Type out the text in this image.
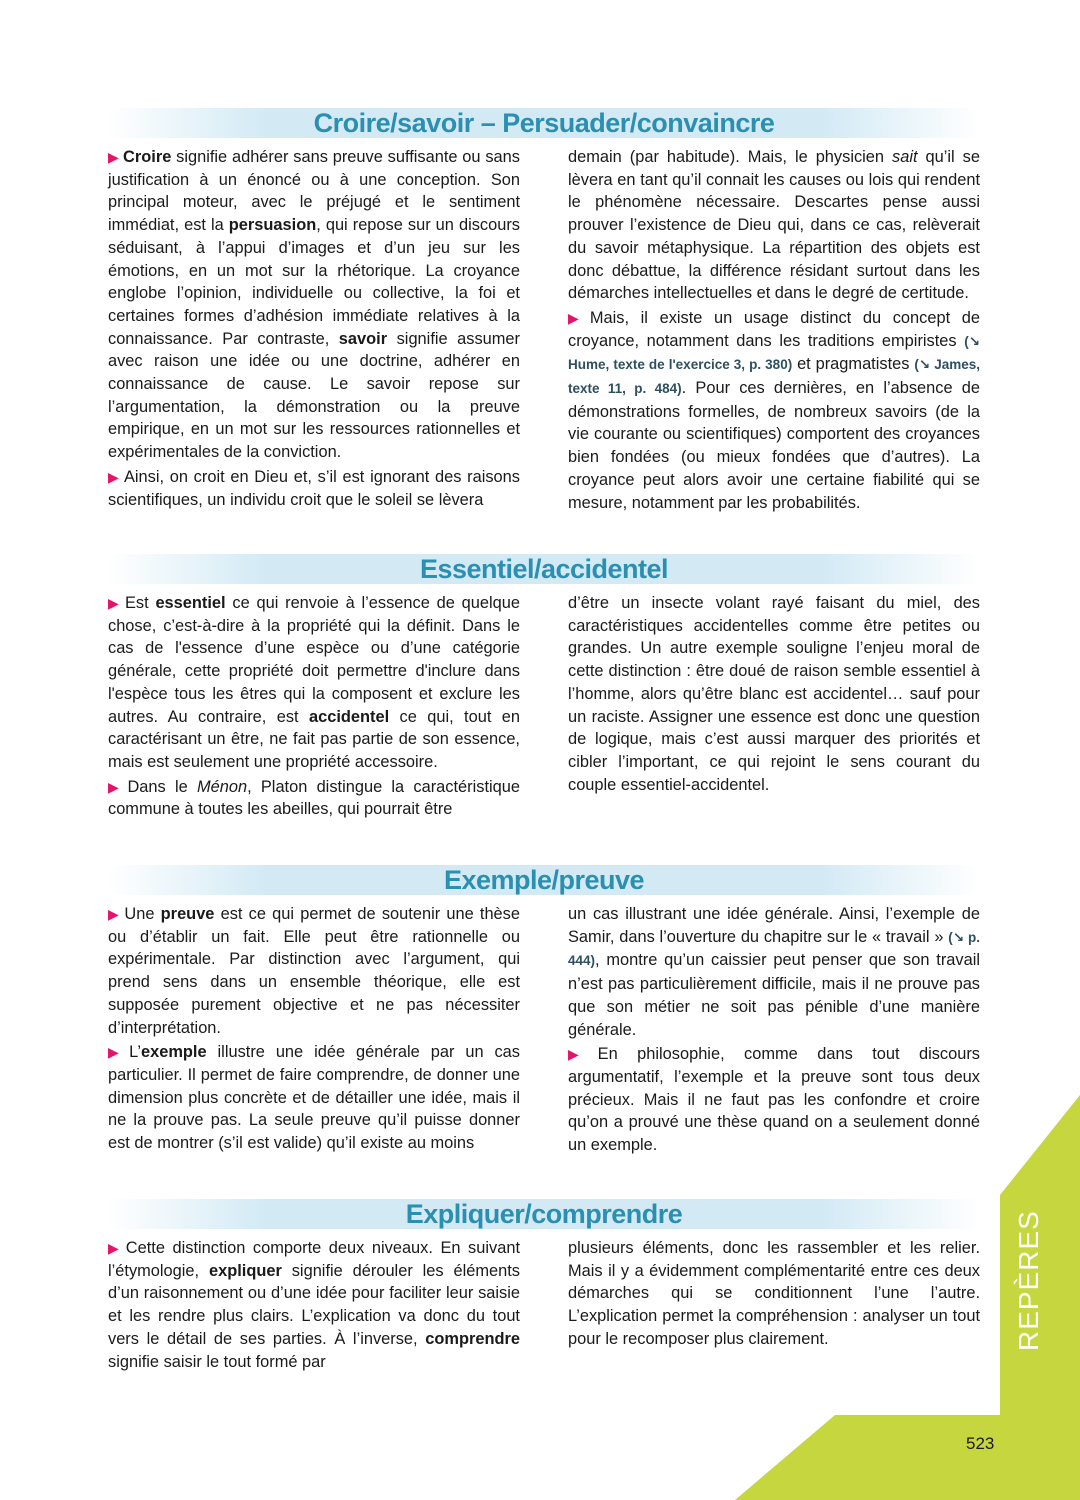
Croire/savoir – Persuader/convaincre

▶ Croire signifie adhérer sans preuve suffisante ou sans justification à un énoncé ou à une conception. Son principal moteur, avec le préjugé et le sentiment immédiat, est la persuasion, qui repose sur un discours séduisant, à l’appui d’images et d’un jeu sur les émotions, en un mot sur la rhétorique. La croyance englobe l’opinion, individuelle ou collective, la foi et certaines formes d’adhésion immédiate relatives à la connaissance. Par contraste, savoir signifie assumer avec raison une idée ou une doctrine, adhérer en connaissance de cause. Le savoir repose sur l’argumentation, la démonstration ou la preuve empirique, en un mot sur les ressources rationnelles et expérimentales de la conviction.

▶ Ainsi, on croit en Dieu et, s’il est ignorant des raisons scientifiques, un individu croit que le soleil se lèvera

demain (par habitude). Mais, le physicien sait qu’il se lèvera en tant qu’il connait les causes ou lois qui rendent le phénomène nécessaire. Descartes pense aussi prouver l’existence de Dieu qui, dans ce cas, relèverait du savoir métaphysique. La répartition des objets est donc débattue, la différence résidant surtout dans les démarches intellectuelles et dans le degré de certitude.

▶ Mais, il existe un usage distinct du concept de croyance, notamment dans les traditions empiristes (↘ Hume, texte de l'exercice 3, p. 380) et pragmatistes (↘ James, texte 11, p. 484). Pour ces dernières, en l’absence de démonstrations formelles, de nombreux savoirs (de la vie courante ou scientifiques) comportent des croyances bien fondées (ou mieux fondées que d’autres). La croyance peut alors avoir une certaine fiabilité qui se mesure, notamment par les probabilités.

Essentiel/accidentel

▶ Est essentiel ce qui renvoie à l’essence de quelque chose, c’est-à-dire à la propriété qui la définit. Dans le cas de l'essence d’une espèce ou d’une catégorie générale, cette propriété doit permettre d'inclure dans l'espèce tous les êtres qui la composent et exclure les autres. Au contraire, est accidentel ce qui, tout en caractérisant un être, ne fait pas partie de son essence, mais est seulement une propriété accessoire.

▶ Dans le Ménon, Platon distingue la caractéristique commune à toutes les abeilles, qui pourrait être

d’être un insecte volant rayé faisant du miel, des caractéristiques accidentelles comme être petites ou grandes. Un autre exemple souligne l’enjeu moral de cette distinction : être doué de raison semble essentiel à l’homme, alors qu’être blanc est accidentel… sauf pour un raciste. Assigner une essence est donc une question de logique, mais c’est aussi marquer des priorités et cibler l’important, ce qui rejoint le sens courant du couple essentiel-accidentel.

Exemple/preuve

▶ Une preuve est ce qui permet de soutenir une thèse ou d’établir un fait. Elle peut être rationnelle ou expérimentale. Par distinction avec l’argument, qui prend sens dans un ensemble théorique, elle est supposée purement objective et ne pas nécessiter d’interprétation.

▶ L’exemple illustre une idée générale par un cas particulier. Il permet de faire comprendre, de donner une dimension plus concrète et de détailler une idée, mais il ne la prouve pas. La seule preuve qu’il puisse donner est de montrer (s’il est valide) qu’il existe au moins

un cas illustrant une idée générale. Ainsi, l’exemple de Samir, dans l’ouverture du chapitre sur le « travail » (↘ p. 444), montre qu’un caissier peut penser que son travail n’est pas particulièrement difficile, mais il ne prouve pas que son métier ne soit pas pénible d’une manière générale.

▶ En philosophie, comme dans tout discours argumentatif, l’exemple et la preuve sont tous deux précieux. Mais il ne faut pas les confondre et croire qu’on a prouvé une thèse quand on a seulement donné un exemple.

Expliquer/comprendre

▶ Cette distinction comporte deux niveaux. En suivant l’étymologie, expliquer signifie dérouler les éléments d’un raisonnement ou d’une idée pour faciliter leur saisie et les rendre plus clairs. L’explication va donc du tout vers le détail de ses parties. À l’inverse, comprendre signifie saisir le tout formé par

plusieurs éléments, donc les rassembler et les relier. Mais il y a évidemment complémentarité entre ces deux démarches qui se conditionnent l’une l’autre. L’explication permet la compréhension : analyser un tout pour le recomposer plus clairement.	REPÈRES
523
